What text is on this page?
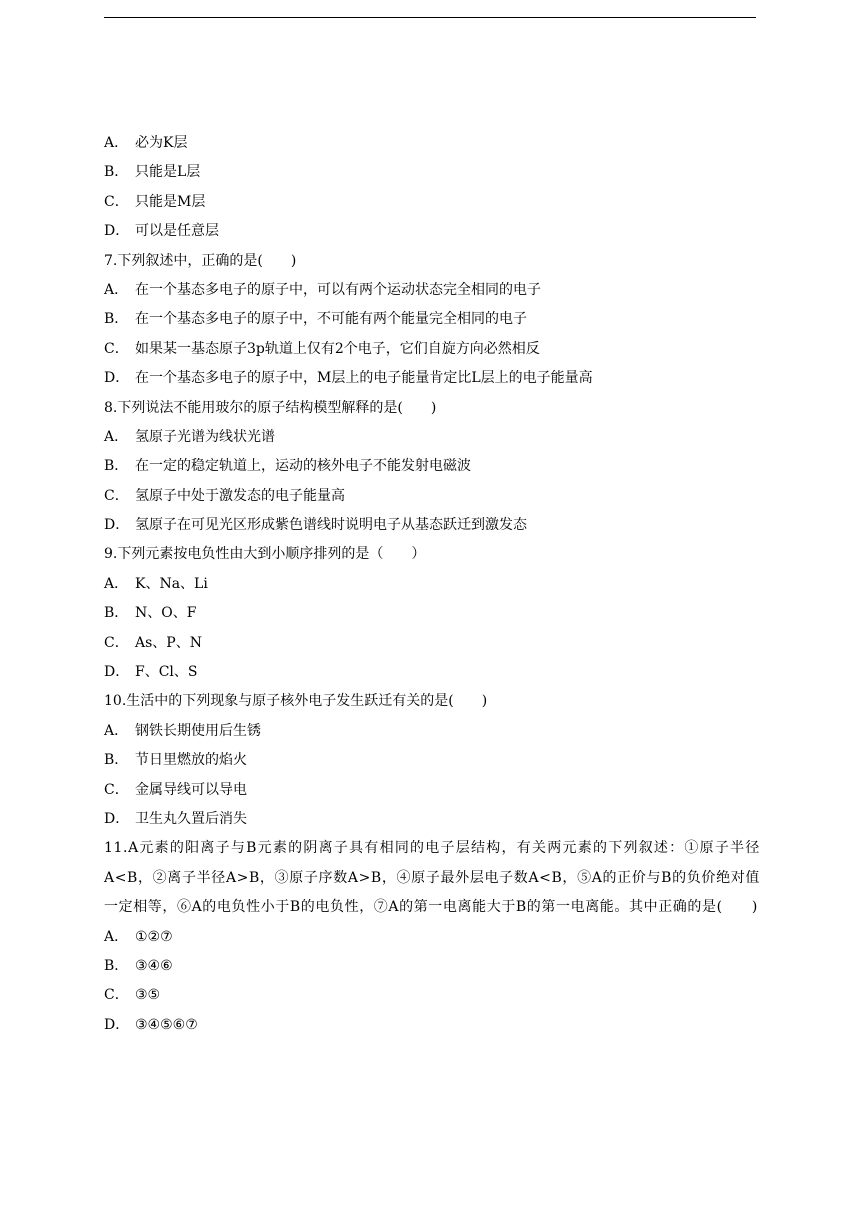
A． 必为K层
B． 只能是L层
C． 只能是M层
D． 可以是任意层
7.下列叙述中，正确的是(　　)
A． 在一个基态多电子的原子中，可以有两个运动状态完全相同的电子
B． 在一个基态多电子的原子中，不可能有两个能量完全相同的电子
C． 如果某一基态原子3p轨道上仅有2个电子，它们自旋方向必然相反
D． 在一个基态多电子的原子中，M层上的电子能量肯定比L层上的电子能量高
8.下列说法不能用玻尔的原子结构模型解释的是(　　)
A． 氢原子光谱为线状光谱
B． 在一定的稳定轨道上，运动的核外电子不能发射电磁波
C． 氢原子中处于激发态的电子能量高
D． 氢原子在可见光区形成紫色谱线时说明电子从基态跃迁到激发态
9.下列元素按电负性由大到小顺序排列的是（　　）
A． K、Na、Li
B． N、O、F
C． As、P、N
D． F、Cl、S
10.生活中的下列现象与原子核外电子发生跃迁有关的是(　　)
A． 钢铁长期使用后生锈
B． 节日里燃放的焰火
C． 金属导线可以导电
D． 卫生丸久置后消失
11.A元素的阳离子与B元素的阴离子具有相同的电子层结构，有关两元素的下列叙述：①原子半径A<B，②离子半径A>B，③原子序数A>B，④原子最外层电子数A<B，⑤A的正价与B的负价绝对值一定相等，⑥A的电负性小于B的电负性，⑦A的第一电离能大于B的第一电离能。其中正确的是(　　)
A． ①②⑦
B． ③④⑥
C． ③⑤
D． ③④⑤⑥⑦
